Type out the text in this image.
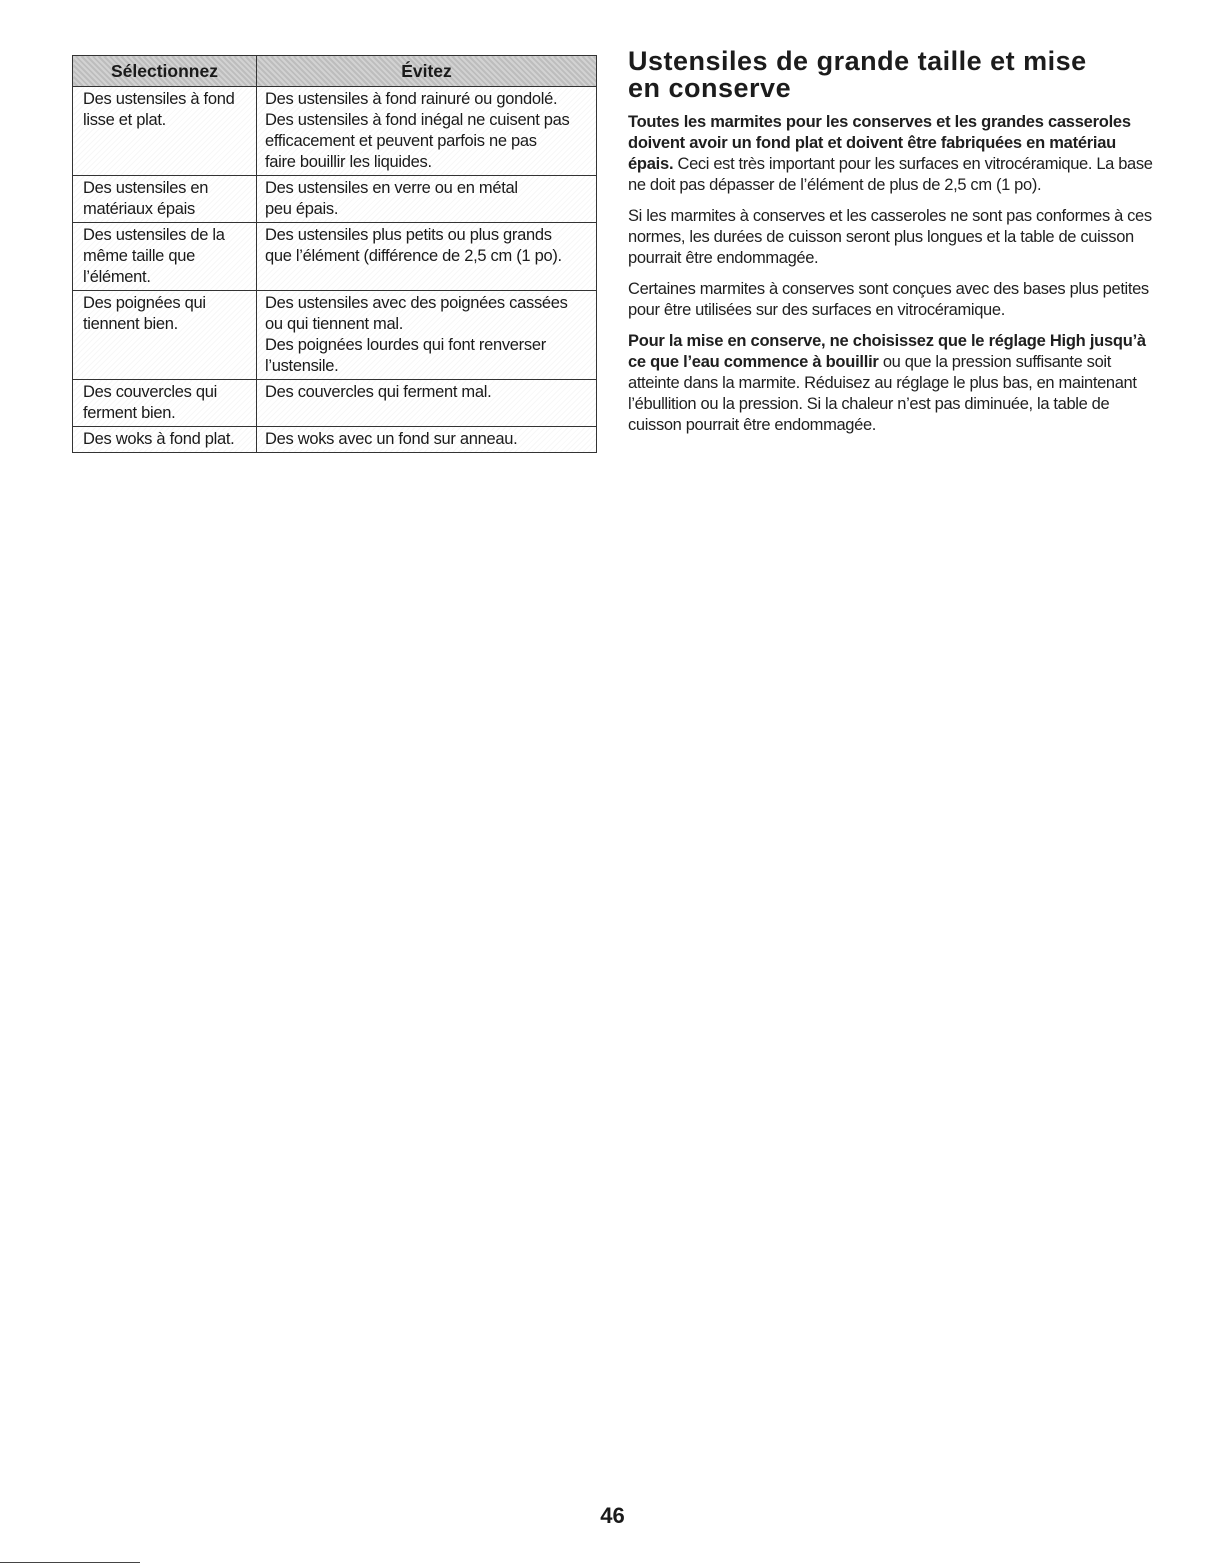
Sélectionnez	Évitez

Des ustensiles à fond
lisse et plat.	Des ustensiles à fond rainuré ou gondolé.
Des ustensiles à fond inégal ne cuisent pas
efficacement et peuvent parfois ne pas
faire bouillir les liquides.

Des ustensiles en
matériaux épais	Des ustensiles en verre ou en métal
peu épais.

Des ustensiles de la
même taille que
l’élément.	Des ustensiles plus petits ou plus grands
que l’élément (différence de 2,5 cm (1 po).

Des poignées qui
tiennent bien.	Des ustensiles avec des poignées cassées
ou qui tiennent mal.
Des poignées lourdes qui font renverser
l’ustensile.

Des couvercles qui
ferment bien.	Des couvercles qui ferment mal.

Des woks à fond plat.	Des woks avec un fond sur anneau.
Ustensiles de grande taille et mise
en conserve

Toutes les marmites pour les conserves et les grandes casseroles doivent avoir un fond plat et doivent être fabriquées en matériau épais. Ceci est très important pour les surfaces en vitrocéramique. La base ne doit pas dépasser de l’élément de plus de 2,5 cm (1 po).

Si les marmites à conserves et les casseroles ne sont pas conformes à ces normes, les durées de cuisson seront plus longues et la table de cuisson pourrait être endommagée.

Certaines marmites à conserves sont conçues avec des bases plus petites pour être utilisées sur des surfaces en vitrocéramique.

Pour la mise en conserve, ne choisissez que le réglage High jusqu’à ce que l’eau commence à bouillir ou que la pression suffisante soit atteinte dans la marmite. Réduisez au réglage le plus bas, en maintenant l’ébullition ou la pression. Si la chaleur n’est pas diminuée, la table de cuisson pourrait être endommagée.

46
